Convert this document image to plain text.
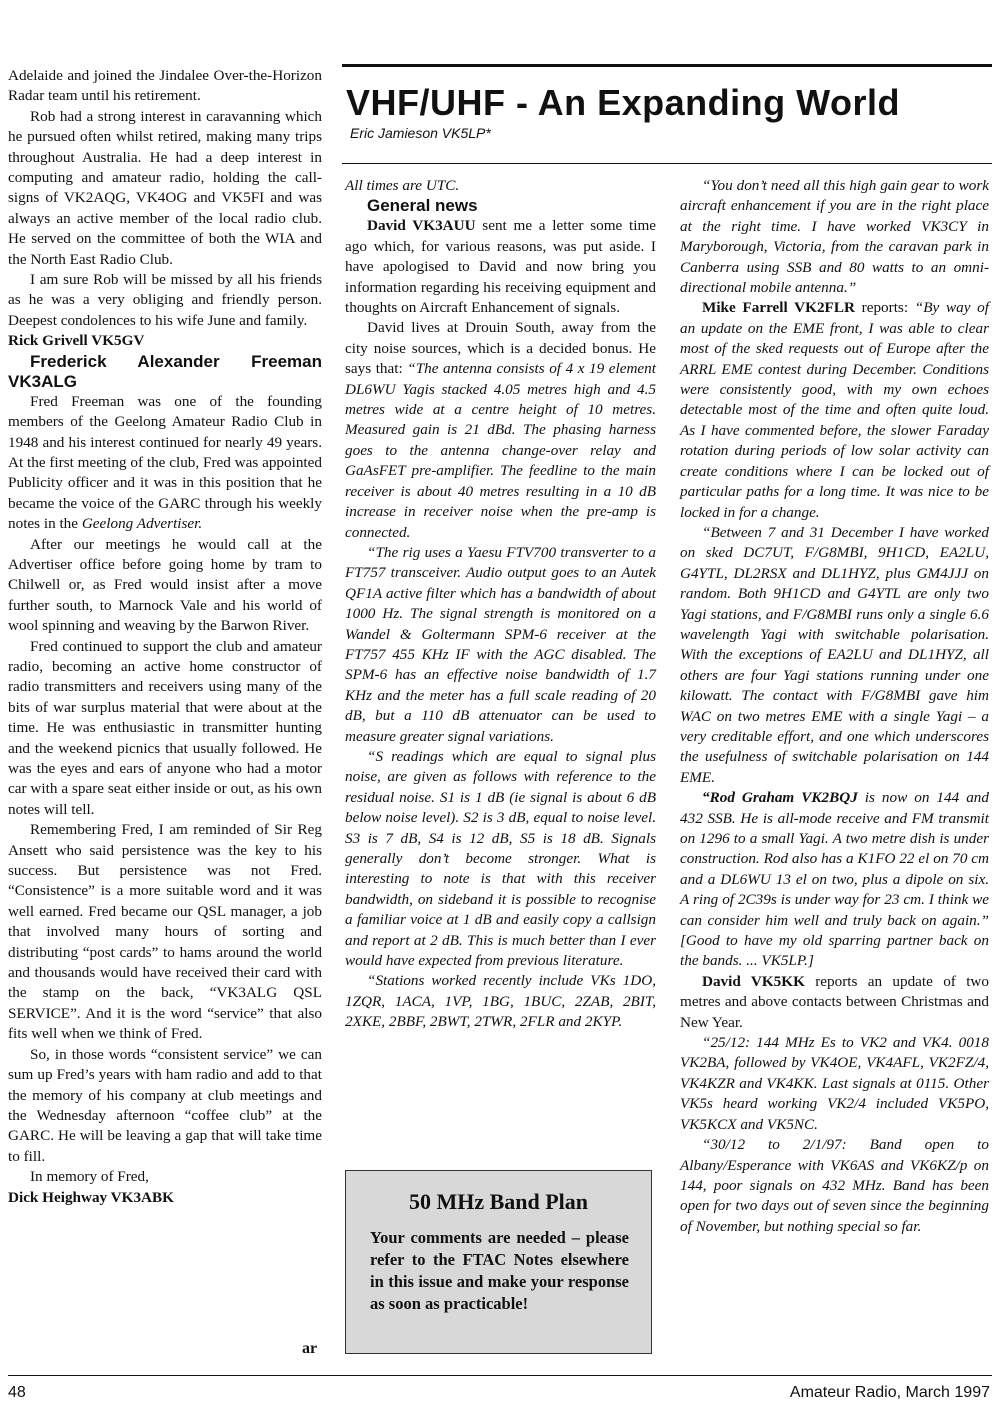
Adelaide and joined the Jindalee Over-the-Horizon Radar team until his retirement.

Rob had a strong interest in caravanning which he pursued often whilst retired, making many trips throughout Australia. He had a deep interest in computing and amateur radio, holding the call-signs of VK2AQG, VK4OG and VK5FI and was always an active member of the local radio club. He served on the committee of both the WIA and the North East Radio Club.

I am sure Rob will be missed by all his friends as he was a very obliging and friendly person. Deepest condolences to his wife June and family.

Rick Grivell VK5GV

Frederick Alexander Freeman VK3ALG

Fred Freeman was one of the founding members of the Geelong Amateur Radio Club in 1948 and his interest continued for nearly 49 years. At the first meeting of the club, Fred was appointed Publicity officer and it was in this position that he became the voice of the GARC through his weekly notes in the Geelong Advertiser.

After our meetings he would call at the Advertiser office before going home by tram to Chilwell or, as Fred would insist after a move further south, to Marnock Vale and his world of wool spinning and weaving by the Barwon River.

Fred continued to support the club and amateur radio, becoming an active home constructor of radio transmitters and receivers using many of the bits of war surplus material that were about at the time. He was enthusiastic in transmitter hunting and the weekend picnics that usually followed. He was the eyes and ears of anyone who had a motor car with a spare seat either inside or out, as his own notes will tell.

Remembering Fred, I am reminded of Sir Reg Ansett who said persistence was the key to his success. But persistence was not Fred. “Consistence” is a more suitable word and it was well earned. Fred became our QSL manager, a job that involved many hours of sorting and distributing “post cards” to hams around the world and thousands would have received their card with the stamp on the back, “VK3ALG QSL SERVICE”. And it is the word “service” that also fits well when we think of Fred.

So, in those words “consistent service” we can sum up Fred’s years with ham radio and add to that the memory of his company at club meetings and the Wednesday afternoon “coffee club” at the GARC. He will be leaving a gap that will take time to fill.

In memory of Fred,

Dick Heighway VK3ABK

ar
VHF/UHF - An Expanding World
Eric Jamieson VK5LP*

All times are UTC.

General news

David VK3AUU sent me a letter some time ago which, for various reasons, was put aside. I have apologised to David and now bring you information regarding his receiving equipment and thoughts on Aircraft Enhancement of signals.

David lives at Drouin South, away from the city noise sources, which is a decided bonus. He says that: “The antenna consists of 4 x 19 element DL6WU Yagis stacked 4.05 metres high and 4.5 metres wide at a centre height of 10 metres. Measured gain is 21 dBd. The phasing harness goes to the antenna change-over relay and GaAsFET pre-amplifier. The feedline to the main receiver is about 40 metres resulting in a 10 dB increase in receiver noise when the pre-amp is connected.

“The rig uses a Yaesu FTV700 transverter to a FT757 transceiver. Audio output goes to an Autek QF1A active filter which has a bandwidth of about 1000 Hz. The signal strength is monitored on a Wandel & Goltermann SPM-6 receiver at the FT757 455 KHz IF with the AGC disabled. The SPM-6 has an effective noise bandwidth of 1.7 KHz and the meter has a full scale reading of 20 dB, but a 110 dB attenuator can be used to measure greater signal variations.

“S readings which are equal to signal plus noise, are given as follows with reference to the residual noise. S1 is 1 dB (ie signal is about 6 dB below noise level). S2 is 3 dB, equal to noise level. S3 is 7 dB, S4 is 12 dB, S5 is 18 dB. Signals generally don’t become stronger. What is interesting to note is that with this receiver bandwidth, on sideband it is possible to recognise a familiar voice at 1 dB and easily copy a callsign and report at 2 dB. This is much better than I ever would have expected from previous literature.

“Stations worked recently include VKs 1DO, 1ZQR, 1ACA, 1VP, 1BG, 1BUC, 2ZAB, 2BIT, 2XKE, 2BBF, 2BWT, 2TWR, 2FLR and 2KYP.

50 MHz Band Plan
Your comments are needed – please refer to the FTAC Notes elsewhere in this issue and make your response as soon as practicable!

“You don’t need all this high gain gear to work aircraft enhancement if you are in the right place at the right time. I have worked VK3CY in Maryborough, Victoria, from the caravan park in Canberra using SSB and 80 watts to an omni-directional mobile antenna.”

Mike Farrell VK2FLR reports: “By way of an update on the EME front, I was able to clear most of the sked requests out of Europe after the ARRL EME contest during December. Conditions were consistently good, with my own echoes detectable most of the time and often quite loud. As I have commented before, the slower Faraday rotation during periods of low solar activity can create conditions where I can be locked out of particular paths for a long time. It was nice to be locked in for a change.

“Between 7 and 31 December I have worked on sked DC7UT, F/G8MBI, 9H1CD, EA2LU, G4YTL, DL2RSX and DL1HYZ, plus GM4JJJ on random. Both 9H1CD and G4YTL are only two Yagi stations, and F/G8MBI runs only a single 6.6 wavelength Yagi with switchable polarisation. With the exceptions of EA2LU and DL1HYZ, all others are four Yagi stations running under one kilowatt. The contact with F/G8MBI gave him WAC on two metres EME with a single Yagi – a very creditable effort, and one which underscores the usefulness of switchable polarisation on 144 EME.

“Rod Graham VK2BQJ is now on 144 and 432 SSB. He is all-mode receive and FM transmit on 1296 to a small Yagi. A two metre dish is under construction. Rod also has a K1FO 22 el on 70 cm and a DL6WU 13 el on two, plus a dipole on six. A ring of 2C39s is under way for 23 cm. I think we can consider him well and truly back on again.” [Good to have my old sparring partner back on the bands. ... VK5LP.]

David VK5KK reports an update of two metres and above contacts between Christmas and New Year.

“25/12: 144 MHz Es to VK2 and VK4. 0018 VK2BA, followed by VK4OE, VK4AFL, VK2FZ/4, VK4KZR and VK4KK. Last signals at 0115. Other VK5s heard working VK2/4 included VK5PO, VK5KCX and VK5NC.

“30/12 to 2/1/97: Band open to Albany/Esperance with VK6AS and VK6KZ/p on 144, poor signals on 432 MHz. Band has been open for two days out of seven since the beginning of November, but nothing special so far.

48	Amateur Radio, March 1997
